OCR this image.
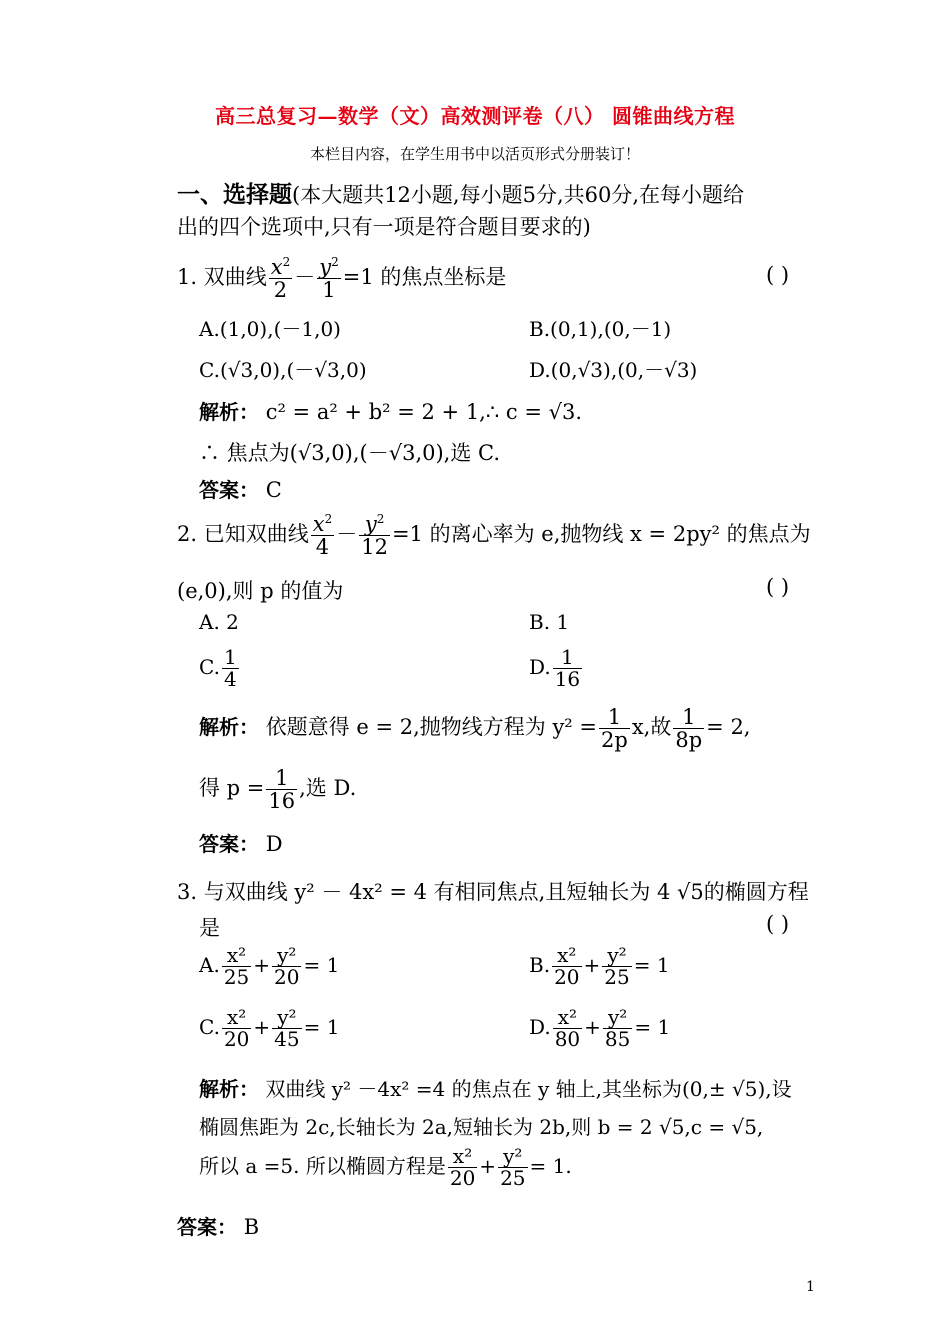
高三总复习—数学（文）高效测评卷（八） 圆锥曲线方程
本栏目内容，在学生用书中以活页形式分册装订！
一、选择题(本大题共12小题,每小题5分,共60分,在每小题给
出的四个选项中,只有一项是符合题目要求的)
1. 双曲线 $\frac{x^2}{2} - \frac{y^2}{1} =1$ 的焦点坐标是	( )
A.(1,0),(－1,0)	B.(0,1),(0,－1)
C.(√3,0),(－√3,0)	D.(0,√3),(0,－√3)
解析： c² = a² + b² = 2 + 1,∴ c = √3.
∴ 焦点为(√3,0),(－√3,0),选 C.
答案： C
2. 已知双曲线 $\frac{x^2}{4} - \frac{y^2}{12} =1$ 的离心率为 e,抛物线 x = 2py² 的焦点为
(e,0),则 p 的值为	( )
A. 2	B. 1
C. $\frac{1}{4}$	D. $\frac{1}{16}$
解析： 依题意得 e = 2,抛物线方程为 $y^2 = \frac{1}{2p} x$,故 $\frac{1}{8p} = 2$,
得 $p = \frac{1}{16}$ ,选 D.
答案： D
3. 与双曲线 y² － 4x² = 4 有相同焦点,且短轴长为 4 √5的椭圆方程
是	( )
A. $\frac{\text{x²}}{25} + \frac{\text{y²}}{20} = 1$	B. $\frac{\text{x²}}{20} + \frac{\text{y²}}{25} = 1$
C. $\frac{\text{x²}}{20} + \frac{\text{y²}}{45} = 1$	D. $\frac{\text{x²}}{80} + \frac{\text{y²}}{85} = 1$
解析： 双曲线 y² －4x² =4 的焦点在 y 轴上,其坐标为(0,± √5),设
椭圆焦距为 2c,长轴长为 2a,短轴长为 2b,则 b = 2 √5,c = √5,
所以 a =5. 所以椭圆方程是 $\frac{\text{x²}}{20} + \frac{\text{y²}}{25} = 1$.
答案： B
1
